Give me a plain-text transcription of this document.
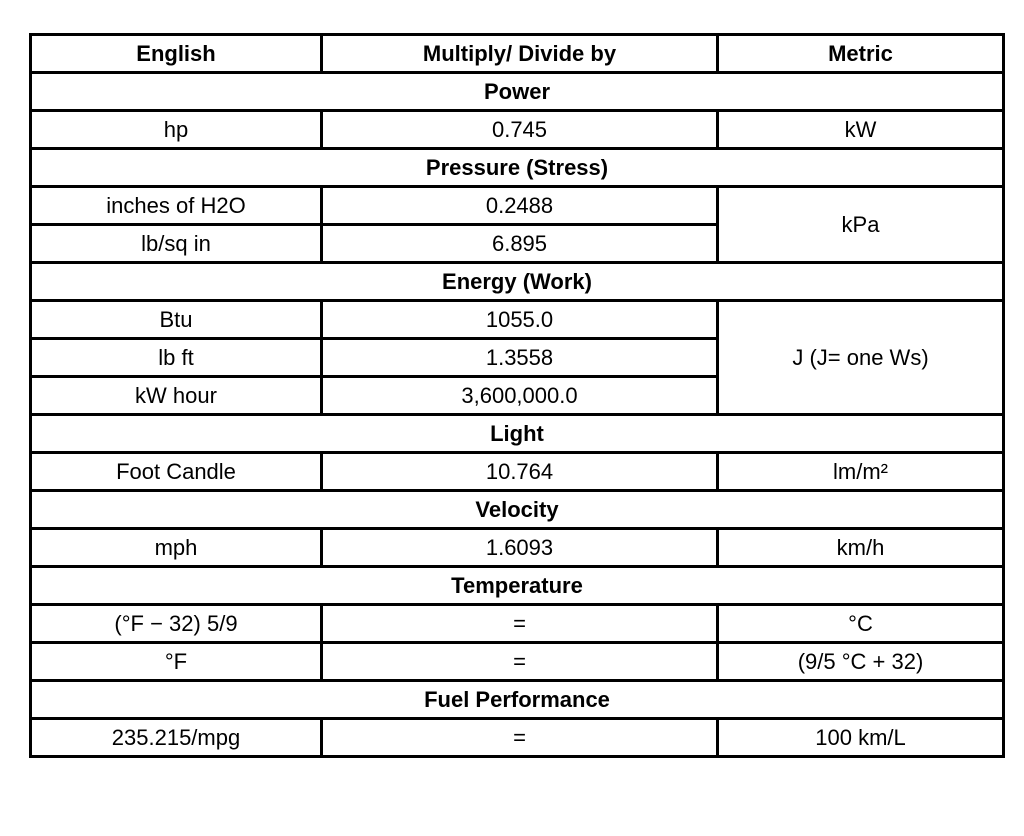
English	Multiply/ Divide by	Metric
Power		
hp	0.745	kW
Pressure (Stress)		
inches of H2O	0.2488	kPa
lb/sq in	6.895	
Energy (Work)		
Btu	1055.0	J (J= one Ws)
lb ft	1.3558	
kW hour	3,600,000.0	
Light		
Foot Candle	10.764	lm/m²
Velocity		
mph	1.6093	km/h
Temperature		
(°F − 32) 5/9	=	°C
°F	=	(9/5 °C + 32)
Fuel Performance		
235.215/mpg	=	100 km/L
